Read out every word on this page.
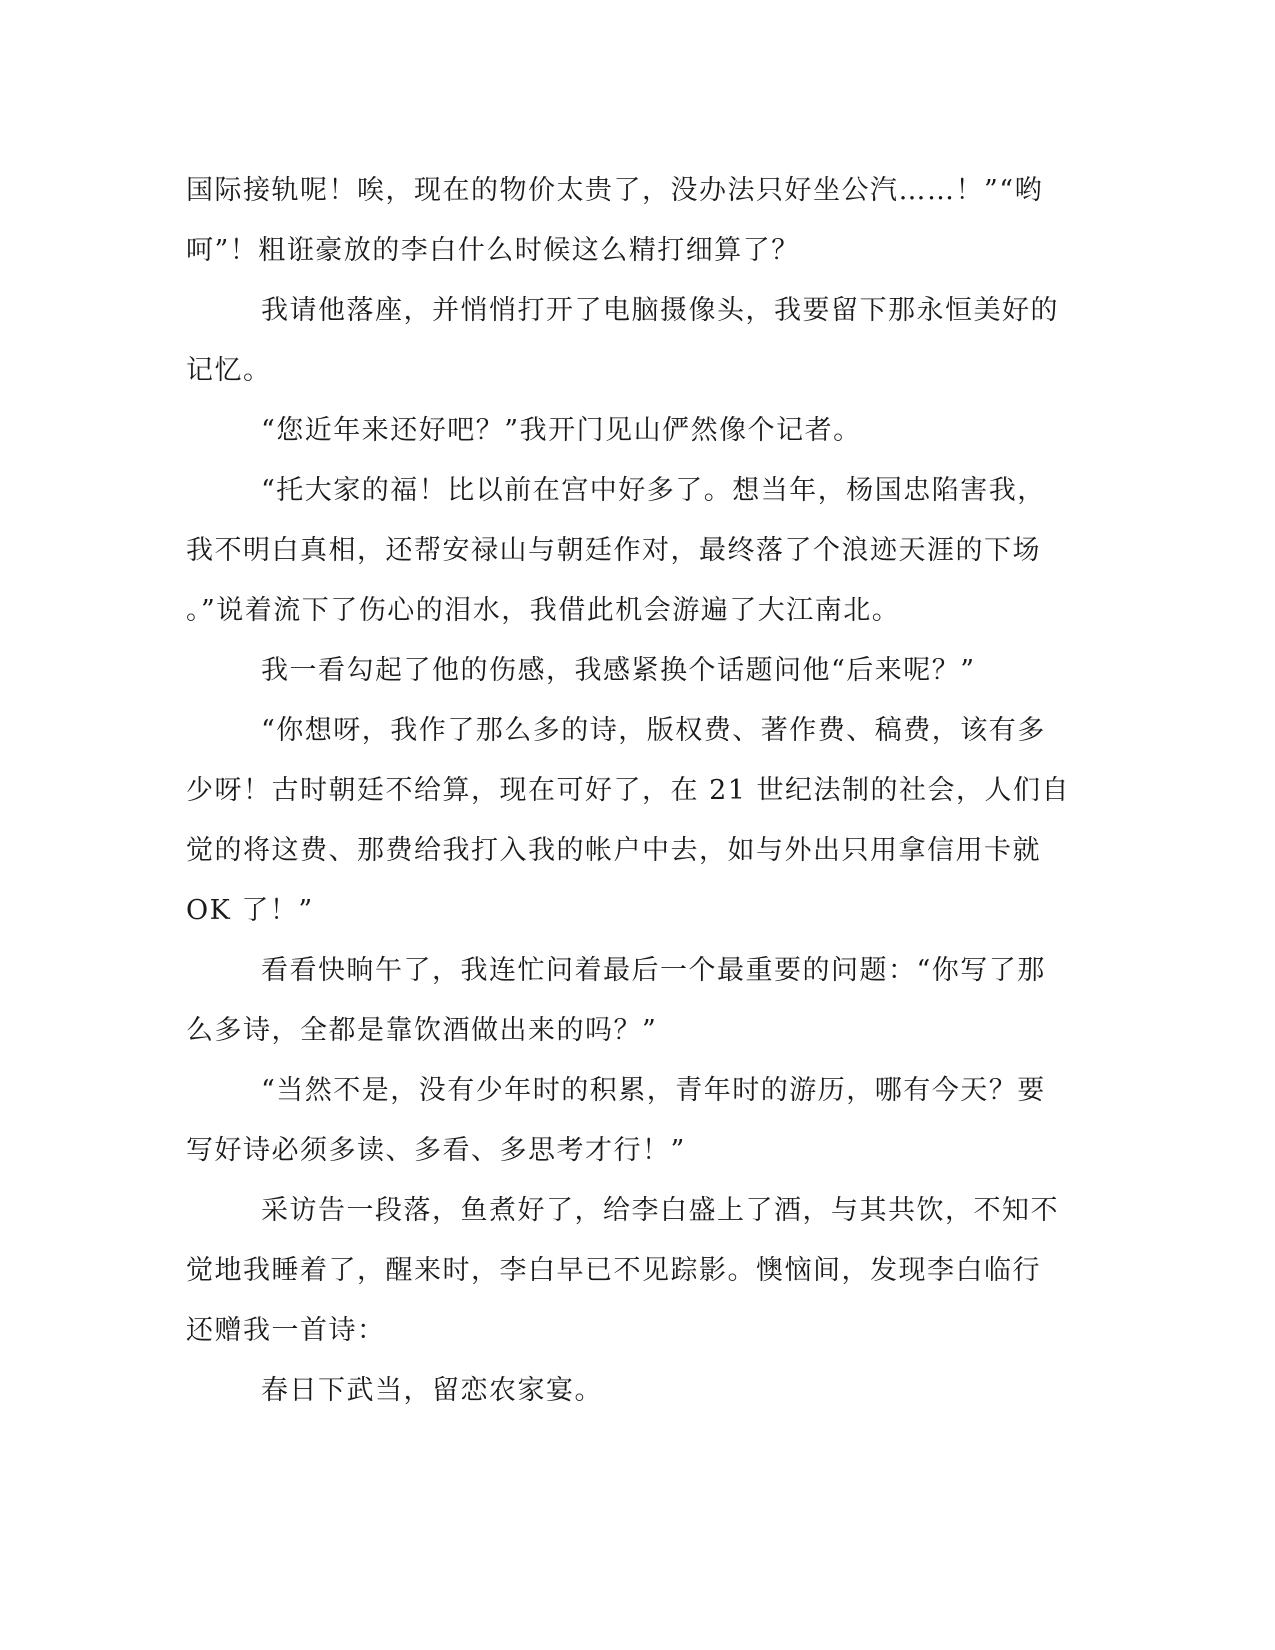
国际接轨呢！唉，现在的物价太贵了，没办法只好坐公汽……！”“哟
呵”！粗诳豪放的李白什么时候这么精打细算了？
我请他落座，并悄悄打开了电脑摄像头，我要留下那永恒美好的
记忆。
“您近年来还好吧？”我开门见山俨然像个记者。
“托大家的福！比以前在宫中好多了。想当年，杨国忠陷害我，
我不明白真相，还帮安禄山与朝廷作对，最终落了个浪迹天涯的下场
。”说着流下了伤心的泪水，我借此机会游遍了大江南北。
我一看勾起了他的伤感，我感紧换个话题问他“后来呢？”
“你想呀，我作了那么多的诗，版权费、著作费、稿费，该有多
少呀！古时朝廷不给算，现在可好了，在 21 世纪法制的社会，人们自
觉的将这费、那费给我打入我的帐户中去，如与外出只用拿信用卡就
OK 了！”
看看快晌午了，我连忙问着最后一个最重要的问题：“你写了那
么多诗，全都是靠饮酒做出来的吗？”
“当然不是，没有少年时的积累，青年时的游历，哪有今天？要
写好诗必须多读、多看、多思考才行！”
采访告一段落，鱼煮好了，给李白盛上了酒，与其共饮，不知不
觉地我睡着了，醒来时，李白早已不见踪影。懊恼间，发现李白临行
还赠我一首诗：
春日下武当，留恋农家宴。
